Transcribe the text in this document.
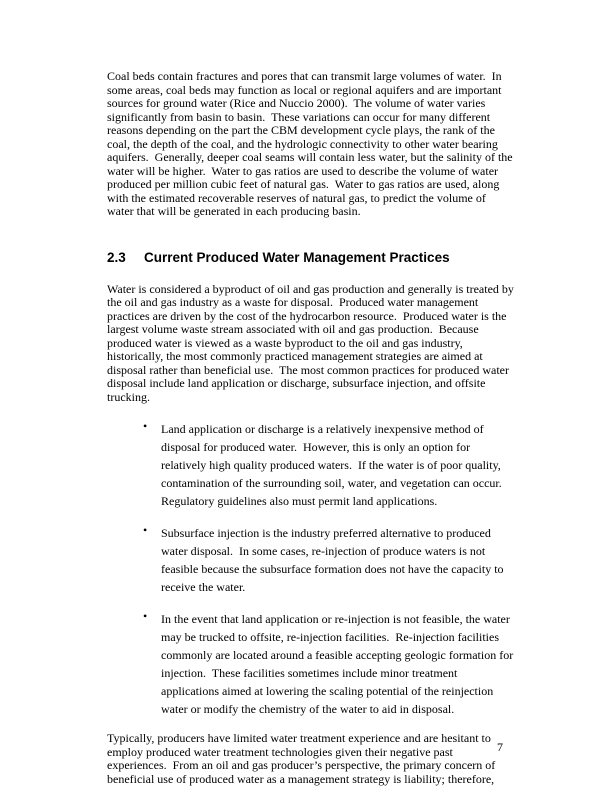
Coal beds contain fractures and pores that can transmit large volumes of water.  In some areas, coal beds may function as local or regional aquifers and are important sources for ground water (Rice and Nuccio 2000).  The volume of water varies significantly from basin to basin.  These variations can occur for many different reasons depending on the part the CBM development cycle plays, the rank of the coal, the depth of the coal, and the hydrologic connectivity to other water bearing aquifers.  Generally, deeper coal seams will contain less water, but the salinity of the water will be higher.  Water to gas ratios are used to describe the volume of water produced per million cubic feet of natural gas.  Water to gas ratios are used, along with the estimated recoverable reserves of natural gas, to predict the volume of water that will be generated in each producing basin.

2.3 Current Produced Water Management Practices

Water is considered a byproduct of oil and gas production and generally is treated by the oil and gas industry as a waste for disposal.  Produced water management practices are driven by the cost of the hydrocarbon resource.  Produced water is the largest volume waste stream associated with oil and gas production.  Because produced water is viewed as a waste byproduct to the oil and gas industry, historically, the most commonly practiced management strategies are aimed at disposal rather than beneficial use.  The most common practices for produced water disposal include land application or discharge, subsurface injection, and offsite trucking.

• Land application or discharge is a relatively inexpensive method of disposal for produced water.  However, this is only an option for relatively high quality produced waters.  If the water is of poor quality, contamination of the surrounding soil, water, and vegetation can occur.  Regulatory guidelines also must permit land applications.
• Subsurface injection is the industry preferred alternative to produced water disposal.  In some cases, re-injection of produce waters is not feasible because the subsurface formation does not have the capacity to receive the water.
• In the event that land application or re-injection is not feasible, the water may be trucked to offsite, re-injection facilities.  Re-injection facilities commonly are located around a feasible accepting geologic formation for injection.  These facilities sometimes include minor treatment applications aimed at lowering the scaling potential of the reinjection water or modify the chemistry of the water to aid in disposal.

Typically, producers have limited water treatment experience and are hesitant to employ produced water treatment technologies given their negative past experiences.  From an oil and gas producer’s perspective, the primary concern of beneficial use of produced water as a management strategy is liability; therefore,

7
